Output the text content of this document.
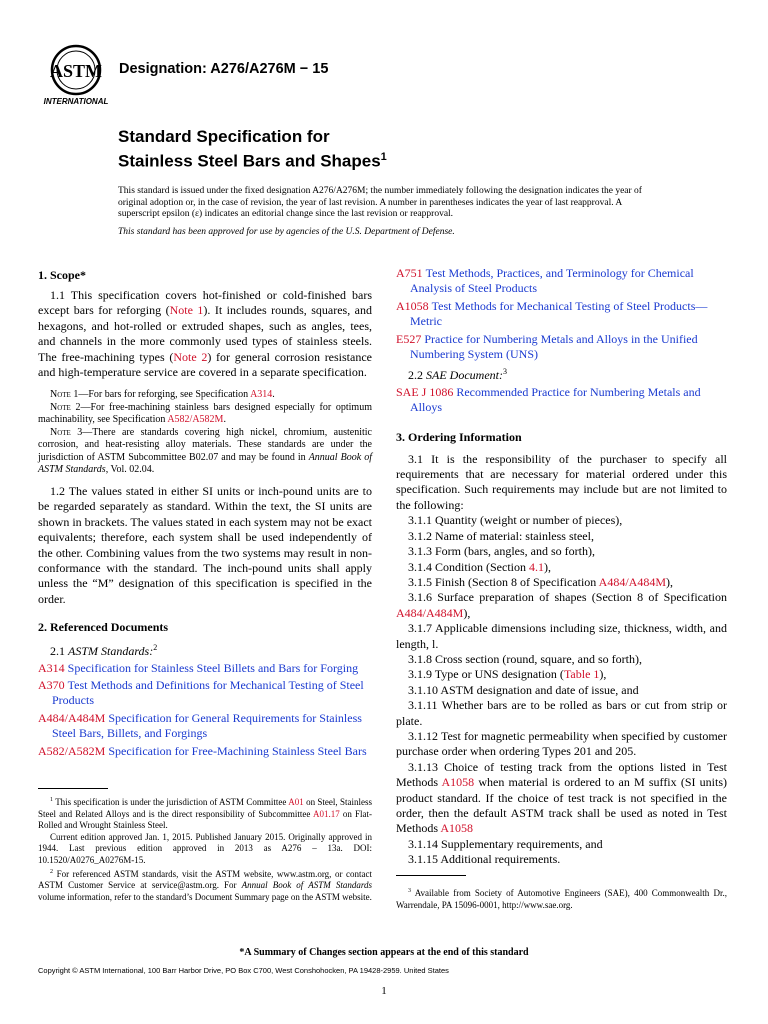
ASTM
INTERNATIONAL
Designation: A276/A276M − 15
Standard Specification for
Stainless Steel Bars and Shapes$^1$

This standard is issued under the fixed designation A276/A276M; the number immediately following the designation indicates the year of original adoption or, in the case of revision, the year of last revision. A number in parentheses indicates the year of last reapproval. A superscript epsilon (ε) indicates an editorial change since the last revision or reapproval.

This standard has been approved for use by agencies of the U.S. Department of Defense.

1. Scope*

1.1 This specification covers hot-finished or cold-finished bars except bars for reforging (Note 1). It includes rounds, squares, and hexagons, and hot-rolled or extruded shapes, such as angles, tees, and channels in the more commonly used types of stainless steels. The free-machining types (Note 2) for general corrosion resistance and high-temperature service are covered in a separate specification.

Note 1—For bars for reforging, see Specification A314.

Note 2—For free-machining stainless bars designed especially for optimum machinability, see Specification A582/A582M.

Note 3—There are standards covering high nickel, chromium, austenitic corrosion, and heat-resisting alloy materials. These standards are under the jurisdiction of ASTM Subcommittee B02.07 and may be found in Annual Book of ASTM Standards, Vol. 02.04.

1.2 The values stated in either SI units or inch-pound units are to be regarded separately as standard. Within the text, the SI units are shown in brackets. The values stated in each system may not be exact equivalents; therefore, each system shall be used independently of the other. Combining values from the two systems may result in non-conformance with the standard. The inch-pound units shall apply unless the “M” designation of this specification is specified in the order.

2. Referenced Documents

2.1 ASTM Standards:$^2$

A314 Specification for Stainless Steel Billets and Bars for Forging
A370 Test Methods and Definitions for Mechanical Testing of Steel Products
A484/A484M Specification for General Requirements for Stainless Steel Bars, Billets, and Forgings
A582/A582M Specification for Free-Machining Stainless Steel Bars

$^1$ This specification is under the jurisdiction of ASTM Committee A01 on Steel, Stainless Steel and Related Alloys and is the direct responsibility of Subcommittee A01.17 on Flat-Rolled and Wrought Stainless Steel.

Current edition approved Jan. 1, 2015. Published January 2015. Originally approved in 1944. Last previous edition approved in 2013 as A276 – 13a. DOI: 10.1520/A0276_A0276M-15.

$^2$ For referenced ASTM standards, visit the ASTM website, www.astm.org, or contact ASTM Customer Service at service@astm.org. For Annual Book of ASTM Standards volume information, refer to the standard’s Document Summary page on the ASTM website.

A751 Test Methods, Practices, and Terminology for Chemical Analysis of Steel Products
A1058 Test Methods for Mechanical Testing of Steel Products—Metric
E527 Practice for Numbering Metals and Alloys in the Unified Numbering System (UNS)

2.2 SAE Document:$^3$

SAE J 1086 Recommended Practice for Numbering Metals and Alloys
3. Ordering Information

3.1 It is the responsibility of the purchaser to specify all requirements that are necessary for material ordered under this specification. Such requirements may include but are not limited to the following:

3.1.1 Quantity (weight or number of pieces),

3.1.2 Name of material: stainless steel,

3.1.3 Form (bars, angles, and so forth),

3.1.4 Condition (Section 4.1),

3.1.5 Finish (Section 8 of Specification A484/A484M),

3.1.6 Surface preparation of shapes (Section 8 of Specification A484/A484M),

3.1.7 Applicable dimensions including size, thickness, width, and length, l.

3.1.8 Cross section (round, square, and so forth),

3.1.9 Type or UNS designation (Table 1),

3.1.10 ASTM designation and date of issue, and

3.1.11 Whether bars are to be rolled as bars or cut from strip or plate.

3.1.12 Test for magnetic permeability when specified by customer purchase order when ordering Types 201 and 205.

3.1.13 Choice of testing track from the options listed in Test Methods A1058 when material is ordered to an M suffix (SI units) product standard. If the choice of test track is not specified in the order, then the default ASTM track shall be used as noted in Test Methods A1058

3.1.14 Supplementary requirements, and

3.1.15 Additional requirements.

$^3$ Available from Society of Automotive Engineers (SAE), 400 Commonwealth Dr., Warrendale, PA 15096-0001, http://www.sae.org.

*A Summary of Changes section appears at the end of this standard
Copyright © ASTM International, 100 Barr Harbor Drive, PO Box C700, West Conshohocken, PA 19428-2959. United States
1
